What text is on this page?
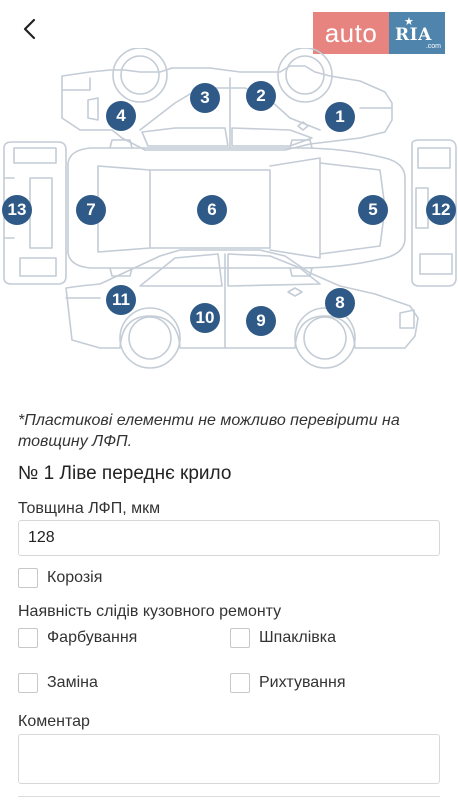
auto	★
RIA
.com
1
2
3
4
5
6
7
8
9
10
11
12
13
*Пластикові елементи не можливо перевірити на товщину ЛФП.
№ 1 Ліве переднє крило
Товщина ЛФП, мкм
128
Корозія
Наявність слідів кузовного ремонту
Фарбування	Шпаклівка
Заміна	Рихтування
Коментар
